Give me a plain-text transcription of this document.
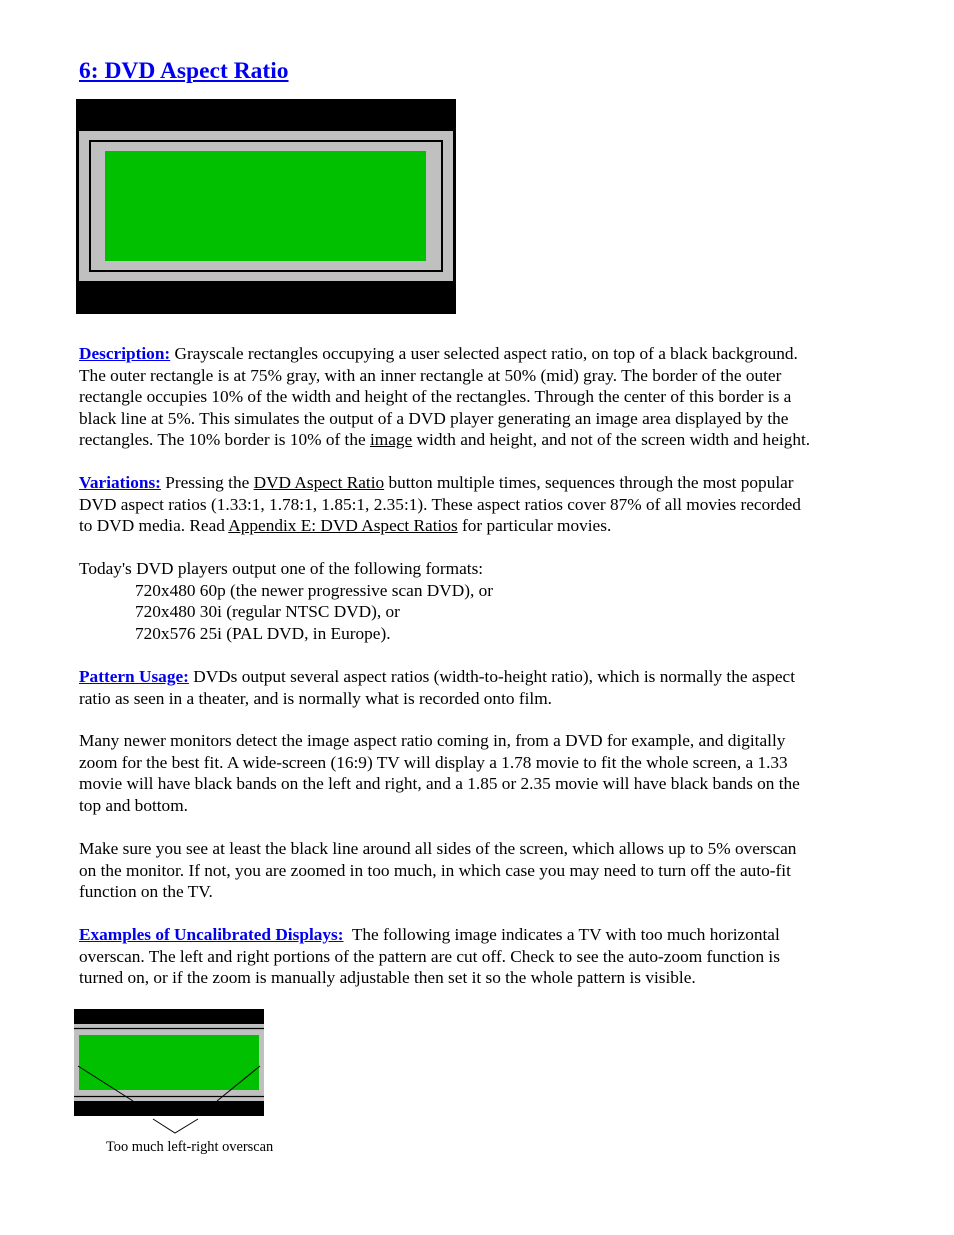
6: DVD Aspect Ratio
Description: Grayscale rectangles occupying a user selected aspect ratio, on top of a black background.
The outer rectangle is at 75% gray, with an inner rectangle at 50% (mid) gray. The border of the outer
rectangle occupies 10% of the width and height of the rectangles. Through the center of this border is a
black line at 5%. This simulates the output of a DVD player generating an image area displayed by the
rectangles. The 10% border is 10% of the image width and height, and not of the screen width and height.
Variations: Pressing the DVD Aspect Ratio button multiple times, sequences through the most popular
DVD aspect ratios (1.33:1, 1.78:1, 1.85:1, 2.35:1). These aspect ratios cover 87% of all movies recorded
to DVD media. Read Appendix E: DVD Aspect Ratios for particular movies.
Today's DVD players output one of the following formats:
720x480 60p (the newer progressive scan DVD), or
720x480 30i (regular NTSC DVD), or
720x576 25i (PAL DVD, in Europe).
Pattern Usage: DVDs output several aspect ratios (width-to-height ratio), which is normally the aspect
ratio as seen in a theater, and is normally what is recorded onto film.
Many newer monitors detect the image aspect ratio coming in, from a DVD for example, and digitally
zoom for the best fit. A wide-screen (16:9) TV will display a 1.78 movie to fit the whole screen, a 1.33
movie will have black bands on the left and right, and a 1.85 or 2.35 movie will have black bands on the
top and bottom.
Make sure you see at least the black line around all sides of the screen, which allows up to 5% overscan
on the monitor. If not, you are zoomed in too much, in which case you may need to turn off the auto-fit
function on the TV.
Examples of Uncalibrated Displays:  The following image indicates a TV with too much horizontal
overscan. The left and right portions of the pattern are cut off. Check to see the auto-zoom function is
turned on, or if the zoom is manually adjustable then set it so the whole pattern is visible.
Too much left-right overscan
